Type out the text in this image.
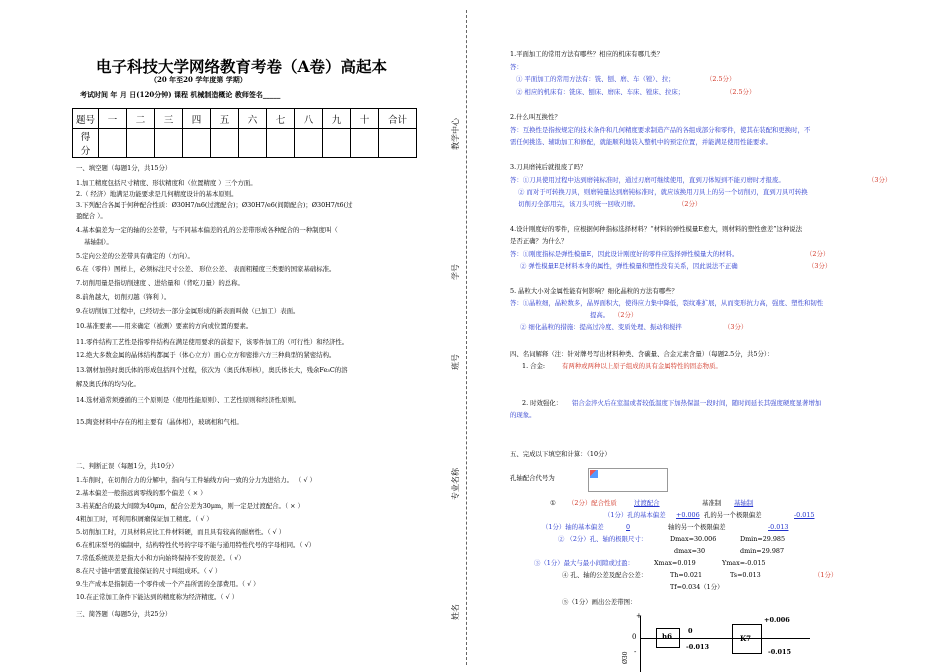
电子科技大学网络教育考卷（A卷）高起本
（20 年至20 学年度第 学期）
考试时间 年 月 日(120分钟) 课程 机械制造概论 教师签名_____
题号	一	二	三	四	五	六	七	八	九	十	合计
得 分											
一、填空题（每题1分，共15分）
二、判断正误（每题1分，共10分）
三、简答题（每题5分，共25分）
1.加工精度包括尺寸精度、形状精度和（位置精度 ）三个方面。
2.（ 经济）地满足功能要求是几何精度设计的基本原则。
3.下列配合各属于何种配合性质：Ø30H7/n6(过渡配合)；Ø30H7/e6(间隙配合)；Ø30H7/t6(过
盈配合 ）。
4.基本偏差为一定的轴的公差带，与不同基本偏差的孔的公差带形成各种配合的一种制度叫（
基轴制）。
5.定向公差的公差带具有确定的（方向）。
6.在（零件）图样上，必须标注尺寸公差、 形位公差、 表面粗糙度三类要的国家基础标准。
7.切削用量是指切削速度 、进给量和（背吃刀量）的总称。
8.前角越大，切削刃越（锋利 ）。
9.在切削加工过程中，已经切去一部分金属形成的新表面叫做（已加工）表面。
10.基准要素——用来确定（被测）要素的方向或位置的要素。
11.零件结构工艺性是指零件结构在满足使用要求的前提下，该零件加工的（可行性）和经济性。
12.绝大多数金属的晶体结构都属于（体心立方）面心立方和密排六方三种典型的紧密结构。
13.钢材加热时奥氏体的形成包括四个过程，依次为（奥氏体形核），奥氏体长大，残余Fe₃C的溶
解及奥氏体的均匀化。
14.选材通常须遵循的三个原则是（使用性能原则）、工艺性原则和经济性原则。
15.陶瓷材料中存在的相主要有（晶体相），玻璃相和气相。
1.车削时，在切削合力的分解中，指向与工件轴线方向一致的分力为进给力。 （ √ ）
2.基本偏差一般指远离零线的那个偏差（ × ）
3.若某配合的最大间隙为40μm，配合公差为30μm，则一定是过渡配合。（ × ）
4粗加工时，可利用积屑瘤保证加工精度。（ √ ）
5.切削加工时，刀具材料应比工件材料硬，而且具有较高的耐磨性。（ √ ）
6.在机床型号的编制中，结构特性代号的字母不能与通用特性代号的字母相同。（ √）
7.常低系统误差是指大小和方向始终保持不变的误差。（ √）
8.在尺寸链中需要直接保证的尺寸叫组成环。（ √ ）
9.生产成本是指制造一个零件或一个产品所需的全部费用。（ √ ）
10.在正常加工条件下能达到的精度称为经济精度。（ √ ）
教学中心
学号
班号
专业名称
姓名
1.平面加工的常用方法有哪些？相应的机床有哪几类？
答：
① 平面加工的常用方法有：铣、刨、磨、车（镗）、拉；	（2.5分）
② 相应的机床有：铣床、刨床、磨床、车床、镗床、拉床；	（2.5分）
2.什么叫互换性？
答：互换性是指按规定的技术条件和几何精度要求制造产品的各组成部分和零件，使其在装配和更换时，不
需任何挑选、辅助加工和修配，就能顺利地装入整机中的预定位置，并能满足使用性能要求。
3.刀具磨钝后就报废了吗？
答：①刀具使用过程中达到磨钝标准时，通过刃磨可继续使用，直到刀体短到不能刃磨时才报废。	（3分）
② 而对于可转换刀具，则磨钝量达到磨钝标准时，就应该换用刀具上的另一个切削刃，直到刀具可转换
切削刃全部用完，该刀头可统一回收刃磨。	（2分）
4.设计刚度好的零件，应根据何种指标选择材料？“材料的弹性模量E愈大，则材料的塑性愈差”这种说法
是否正确？为什么？
答：①刚度指标是弹性模量E，因此设计刚度好的零件应选择弹性模量大的材料。	（2分）
② 弹性模量E是材料本身的属性，弹性模量和塑性没有关系，因此说法不正确	（3分）
5. 晶粒大小对金属性能有何影响？细化晶粒的方法有哪些？
答：①晶粒细，晶粒数多，晶界面积大，使得应力集中降低，裂纹难扩展，从而变形抗力高，强度、塑性和韧性
提高。 （2分）
② 细化晶粒的措施：提高过冷度、变质处理、振动和搅拌	（3分）
四、名词解释（注：针对牌号写出材料种类、含碳量、合金元素含量）（每题2.5分，共5分）：
1. 合金:	有两种或两种以上原子组成的具有金属特性的固态物质。
2. 时效强化： 铝合金淬火后在室温或者较低温度下加热保温一段时间，随时间延长其强度硬度显著增加
的现象。
五、完成以下填空和计算：（10分）
孔轴配合代号为
① （2分）配合性质	过渡配合	基准制 基轴制
（1分）孔的基本偏差 +0.006 孔的另一个极限偏差	-0.015
（1分）轴的基本偏差	0	轴的另一个极限偏差	-0.013
② （2分）孔、轴的极限尺寸：	Dmax=30.006	Dmin=29.985
dmax=30	dmin=29.987
③（1分）最大与最小间隙或过盈：	Xmax=0.019	Ymax=-0.015
④ 孔、轴的公差及配合公差：	Th=0.021	Ts=0.013	（1分）
Tf=0.034（1分）
⑤（1分）画出公差带图：
+
0
-
Ø30
h6
0
-0.013
K7
+0.006
-0.015
